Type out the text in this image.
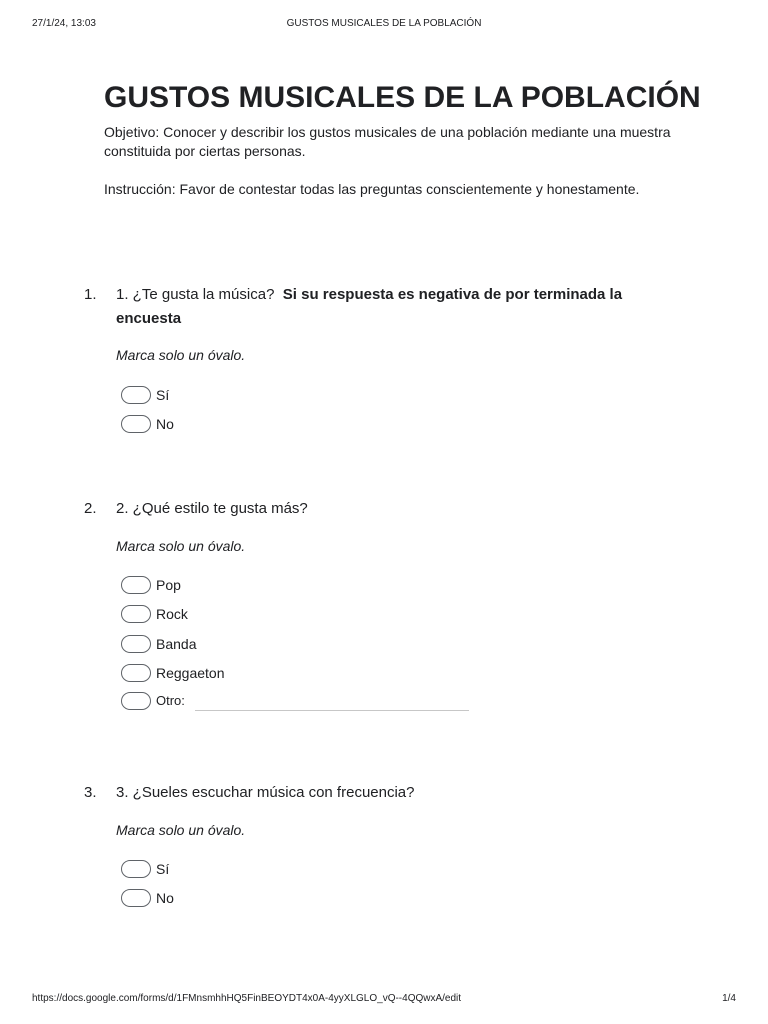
27/1/24, 13:03	GUSTOS MUSICALES DE LA POBLACIÓN
GUSTOS MUSICALES DE LA POBLACIÓN

Objetivo: Conocer y describir los gustos musicales de una población mediante una muestra constituida por ciertas personas.

Instrucción: Favor de contestar todas las preguntas conscientemente y honestamente.

1. 1. ¿Te gusta la música? Si su respuesta es negativa de por terminada la encuesta
Marca solo un óvalo.
Sí
No
2. 2. ¿Qué estilo te gusta más?
Marca solo un óvalo.
Pop
Rock
Banda
Reggaeton
Otro:
3. 3. ¿Sueles escuchar música con frecuencia?
Marca solo un óvalo.
Sí
No
https://docs.google.com/forms/d/1FMnsmhhHQ5FinBEOYDT4x0A-4yyXLGLO_vQ--4QQwxA/edit	1/4
